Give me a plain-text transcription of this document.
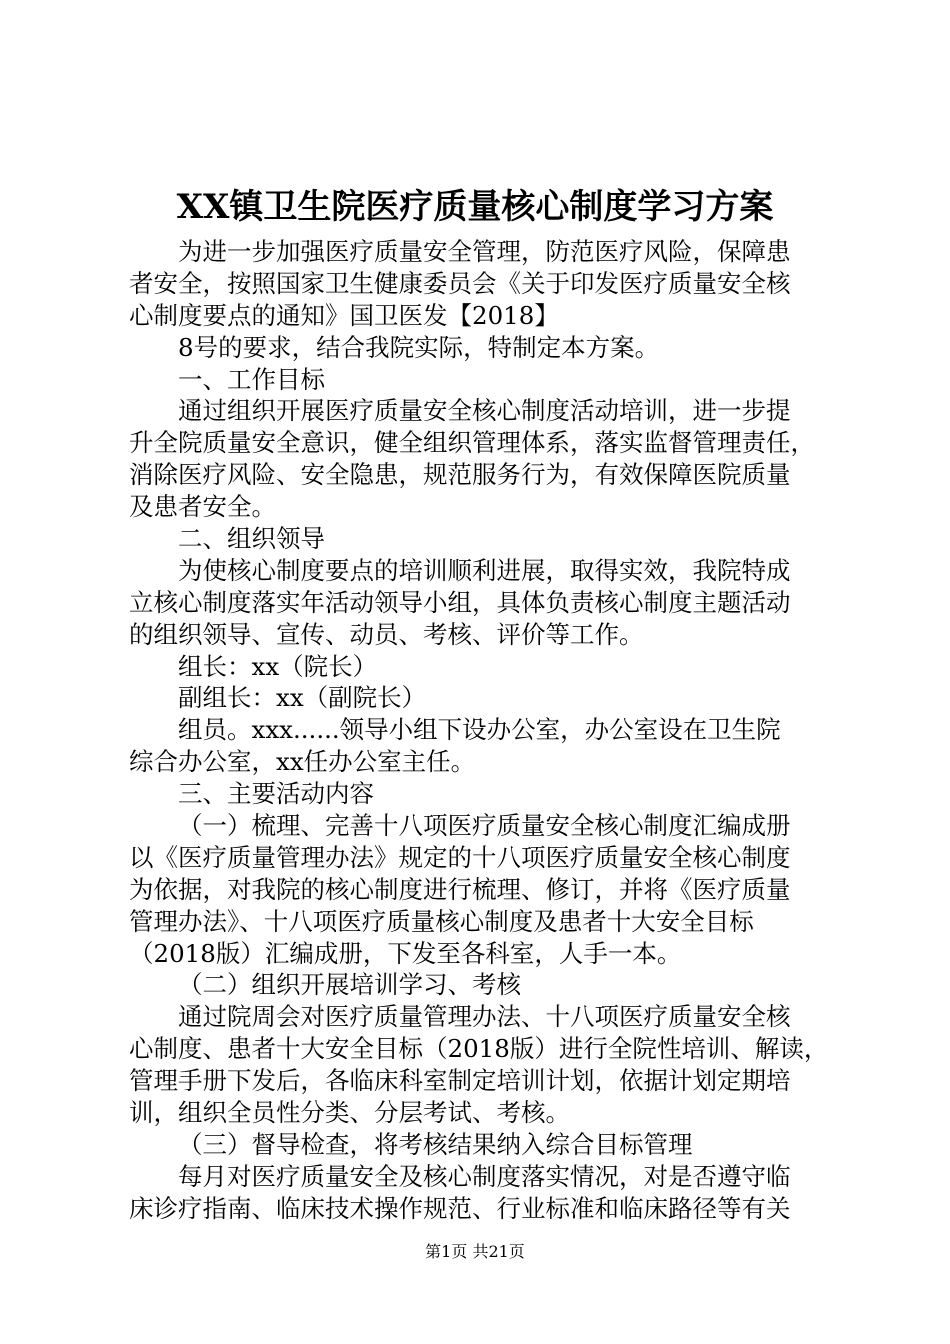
XX镇卫生院医疗质量核心制度学习方案
为进一步加强医疗质量安全管理，防范医疗风险，保障患
者安全，按照国家卫生健康委员会《关于印发医疗质量安全核
心制度要点的通知》国卫医发【2018】
8号的要求，结合我院实际，特制定本方案。
一、工作目标
通过组织开展医疗质量安全核心制度活动培训，进一步提
升全院质量安全意识，健全组织管理体系，落实监督管理责任，
消除医疗风险、安全隐患，规范服务行为，有效保障医院质量
及患者安全。
二、组织领导
为使核心制度要点的培训顺利进展，取得实效，我院特成
立核心制度落实年活动领导小组，具体负责核心制度主题活动
的组织领导、宣传、动员、考核、评价等工作。
组长：xx（院长）
副组长：xx（副院长）
组员。xxx......领导小组下设办公室，办公室设在卫生院
综合办公室，xx任办公室主任。
三、主要活动内容
（一）梳理、完善十八项医疗质量安全核心制度汇编成册
以《医疗质量管理办法》规定的十八项医疗质量安全核心制度
为依据，对我院的核心制度进行梳理、修订，并将《医疗质量
管理办法》、十八项医疗质量核心制度及患者十大安全目标
（2018版）汇编成册，下发至各科室，人手一本。
（二）组织开展培训学习、考核
通过院周会对医疗质量管理办法、十八项医疗质量安全核
心制度、患者十大安全目标（2018版）进行全院性培训、解读，
管理手册下发后，各临床科室制定培训计划，依据计划定期培
训，组织全员性分类、分层考试、考核。
（三）督导检查，将考核结果纳入综合目标管理
每月对医疗质量安全及核心制度落实情况，对是否遵守临
床诊疗指南、临床技术操作规范、行业标准和临床路径等有关
第1页 共21页
